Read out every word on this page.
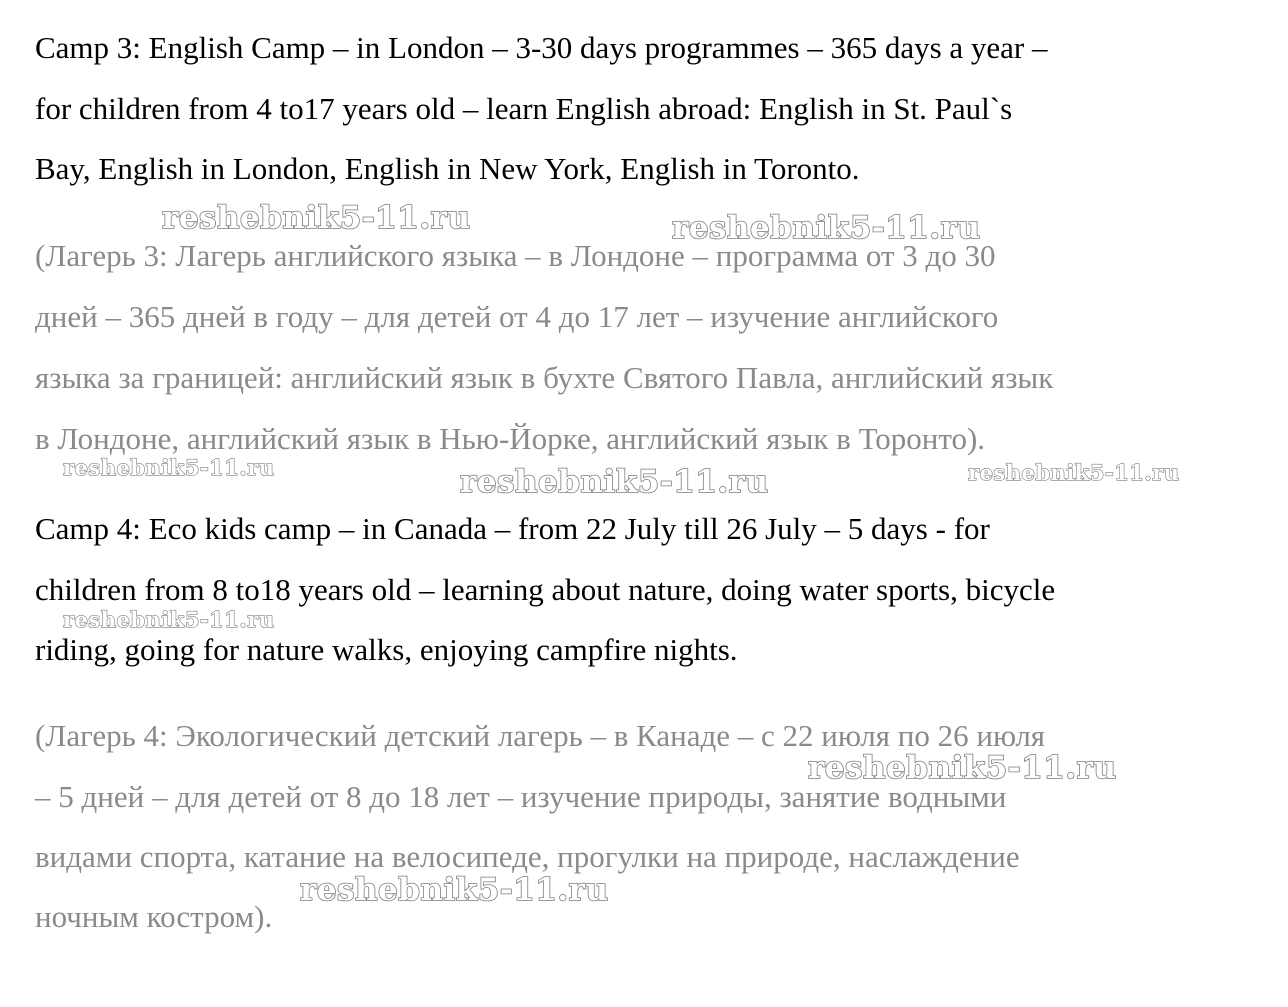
Camp 3: English Camp – in London – 3-30 days programmes – 365 days a year –
for children from 4 to17 years old – learn English abroad: English in St. Paul`s
Bay, English in London, English in New York, English in Toronto.
(Лагерь 3: Лагерь английского языка – в Лондоне – программа от 3 до 30
дней – 365 дней в году – для детей от 4 до 17 лет – изучение английского
языка за границей: английский язык в бухте Святого Павла, английский язык
в Лондоне, английский язык в Нью-Йорке, английский язык в Торонто).
Camp 4: Eco kids camp – in Canada – from 22 July till 26 July – 5 days - for
children from 8 to18 years old – learning about nature, doing water sports, bicycle
riding, going for nature walks, enjoying campfire nights.
(Лагерь 4: Экологический детский лагерь – в Канаде – с 22 июля по 26 июля
– 5 дней – для детей от 8 до 18 лет – изучение природы, занятие водными
видами спорта, катание на велосипеде, прогулки на природе, наслаждение
ночным костром).
reshebnik5-11.ru	reshebnik5-11.ru
reshebnik5-11.ru	reshebnik5-11.ru	reshebnik5-11.ru
reshebnik5-11.ru
reshebnik5-11.ru
reshebnik5-11.ru
